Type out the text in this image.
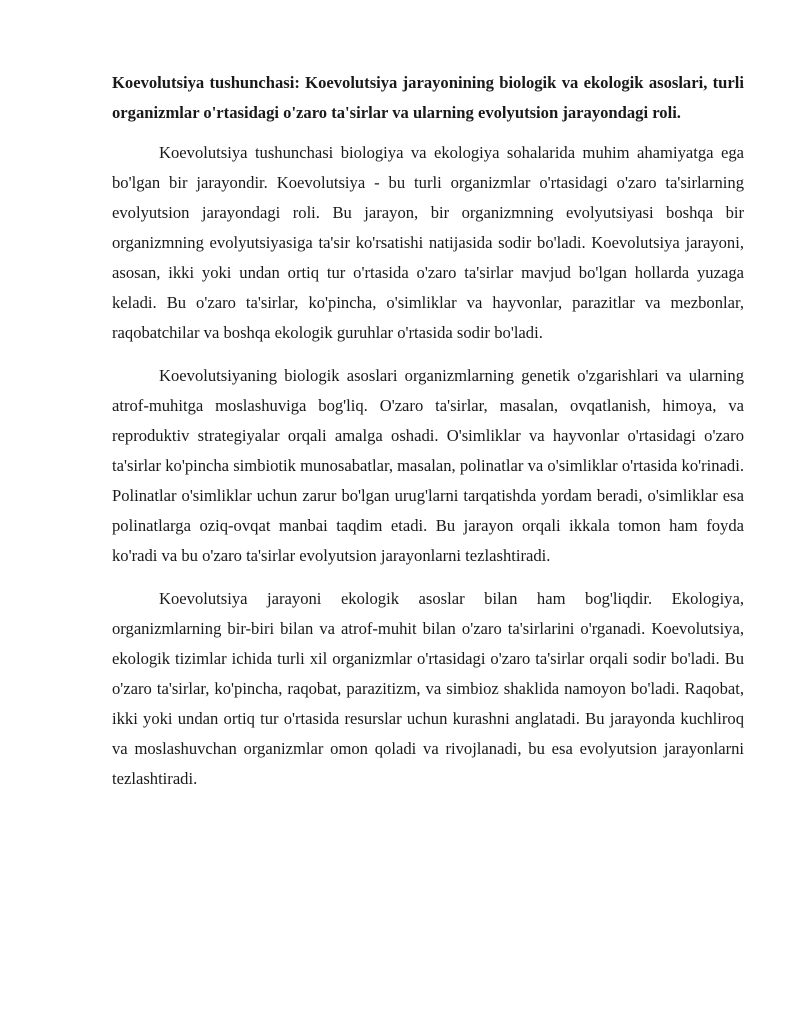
Koevolutsiya tushunchasi: Koevolutsiya jarayonining biologik va ekologik asoslari, turli organizmlar o'rtasidagi o'zaro ta'sirlar va ularning evolyutsion jarayondagi roli.

Koevolutsiya tushunchasi biologiya va ekologiya sohalarida muhim ahamiyatga ega bo'lgan bir jarayondir. Koevolutsiya - bu turli organizmlar o'rtasidagi o'zaro ta'sirlarning evolyutsion jarayondagi roli. Bu jarayon, bir organizmning evolyutsiyasi boshqa bir organizmning evolyutsiyasiga ta'sir ko'rsatishi natijasida sodir bo'ladi. Koevolutsiya jarayoni, asosan, ikki yoki undan ortiq tur o'rtasida o'zaro ta'sirlar mavjud bo'lgan hollarda yuzaga keladi. Bu o'zaro ta'sirlar, ko'pincha, o'simliklar va hayvonlar, parazitlar va mezbonlar, raqobatchilar va boshqa ekologik guruhlar o'rtasida sodir bo'ladi.

Koevolutsiyaning biologik asoslari organizmlarning genetik o'zgarishlari va ularning atrof-muhitga moslashuviga bog'liq. O'zaro ta'sirlar, masalan, ovqatlanish, himoya, va reproduktiv strategiyalar orqali amalga oshadi. O'simliklar va hayvonlar o'rtasidagi o'zaro ta'sirlar ko'pincha simbiotik munosabatlar, masalan, polinatlar va o'simliklar o'rtasida ko'rinadi. Polinatlar o'simliklar uchun zarur bo'lgan urug'larni tarqatishda yordam beradi, o'simliklar esa polinatlarga oziq-ovqat manbai taqdim etadi. Bu jarayon orqali ikkala tomon ham foyda ko'radi va bu o'zaro ta'sirlar evolyutsion jarayonlarni tezlashtiradi.

Koevolutsiya jarayoni ekologik asoslar bilan ham bog'liqdir. Ekologiya, organizmlarning bir-biri bilan va atrof-muhit bilan o'zaro ta'sirlarini o'rganadi. Koevolutsiya, ekologik tizimlar ichida turli xil organizmlar o'rtasidagi o'zaro ta'sirlar orqali sodir bo'ladi. Bu o'zaro ta'sirlar, ko'pincha, raqobat, parazitizm, va simbioz shaklida namoyon bo'ladi. Raqobat, ikki yoki undan ortiq tur o'rtasida resurslar uchun kurashni anglatadi. Bu jarayonda kuchliroq va moslashuvchan organizmlar omon qoladi va rivojlanadi, bu esa evolyutsion jarayonlarni tezlashtiradi.
